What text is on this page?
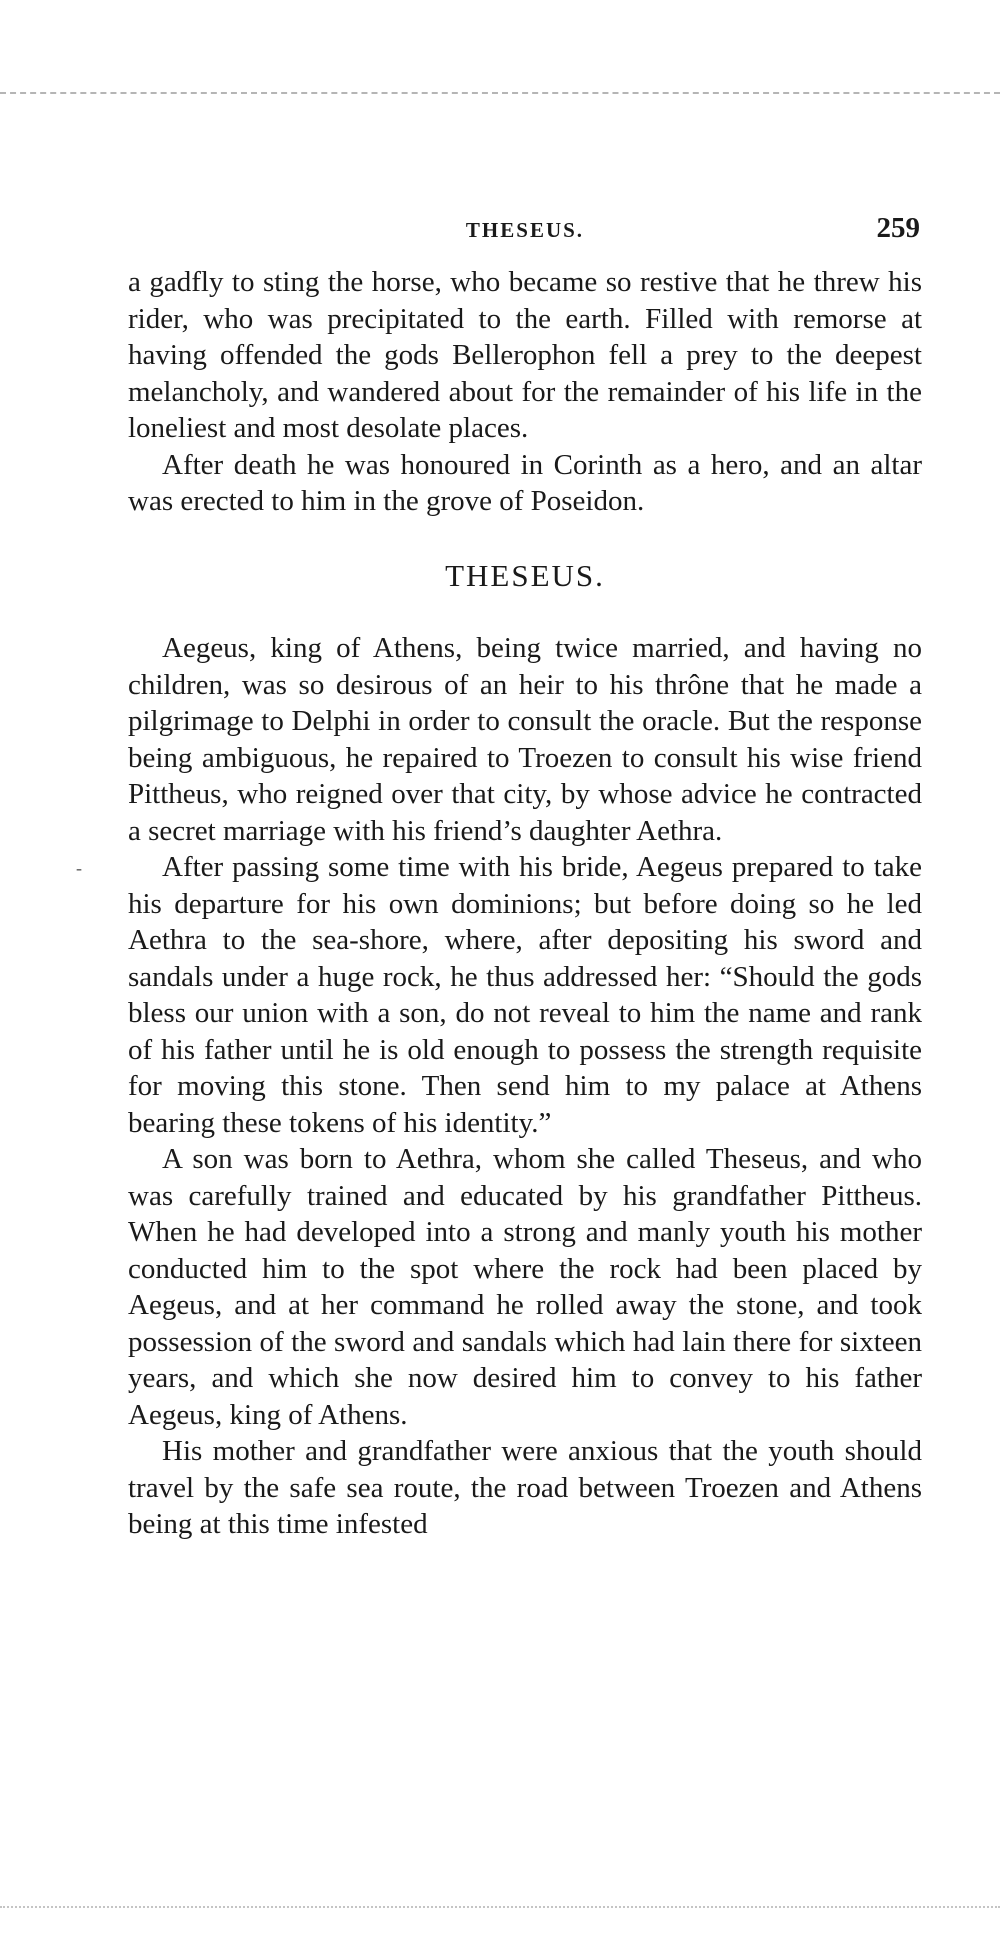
THESEUS.	259
-

a gadfly to sting the horse, who became so restive that he threw his rider, who was precipitated to the earth. Filled with remorse at having offended the gods Bellerophon fell a prey to the deepest melancholy, and wandered about for the remainder of his life in the loneliest and most desolate places.

After death he was honoured in Corinth as a hero, and an altar was erected to him in the grove of Poseidon.

THESEUS.

Aegeus, king of Athens, being twice married, and having no children, was so desirous of an heir to his thrône that he made a pilgrimage to Delphi in order to consult the oracle. But the response being ambiguous, he repaired to Troezen to consult his wise friend Pittheus, who reigned over that city, by whose advice he contracted a secret marriage with his friend’s daughter Aethra.

After passing some time with his bride, Aegeus prepared to take his departure for his own dominions; but before doing so he led Aethra to the sea-shore, where, after depositing his sword and sandals under a huge rock, he thus addressed her: “Should the gods bless our union with a son, do not reveal to him the name and rank of his father until he is old enough to possess the strength requisite for moving this stone. Then send him to my palace at Athens bearing these tokens of his identity.”

A son was born to Aethra, whom she called Theseus, and who was carefully trained and educated by his grandfather Pittheus. When he had developed into a strong and manly youth his mother conducted him to the spot where the rock had been placed by Aegeus, and at her command he rolled away the stone, and took possession of the sword and sandals which had lain there for sixteen years, and which she now desired him to convey to his father Aegeus, king of Athens.

His mother and grandfather were anxious that the youth should travel by the safe sea route, the road between Troezen and Athens being at this time infested
